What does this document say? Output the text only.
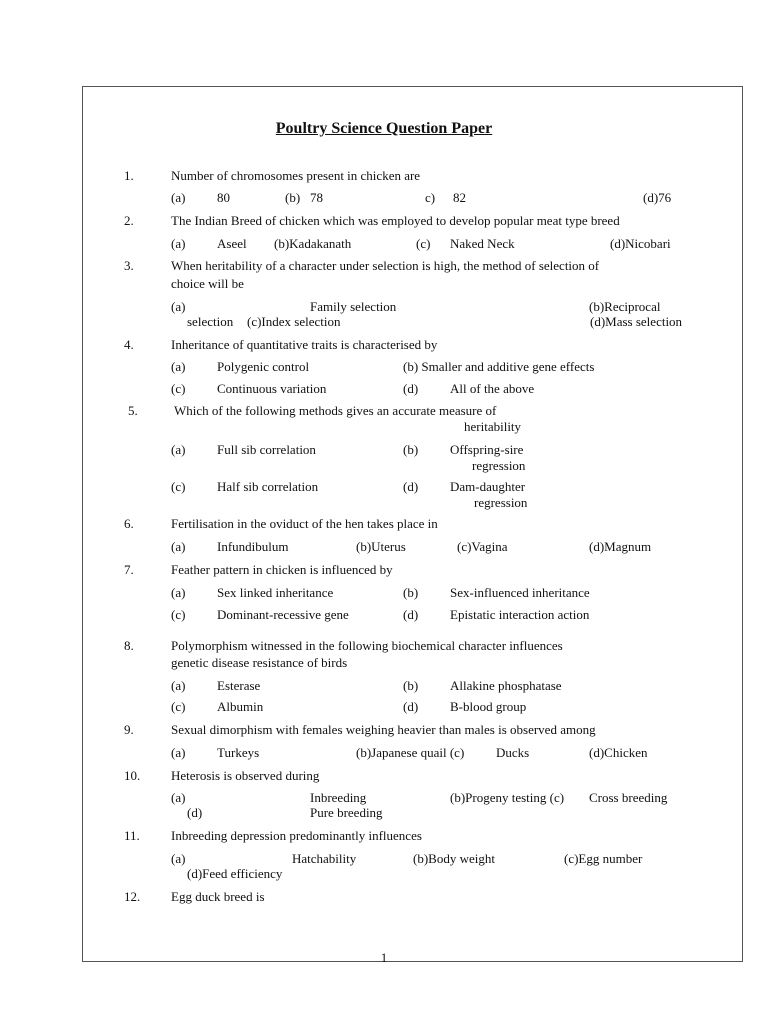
Poultry Science Question Paper
1.	Number of chromosomes present in chicken are
(a) 80	(b) 78	c) 82	(d)76
2.	The Indian Breed of chicken which was employed to develop popular meat type breed
(a) Aseel (b)Kadakanath	(c) Naked Neck	(d)Nicobari
3.	When heritability of a character under selection is high, the method of selection of
choice will be
(a)	Family selection	(b)Reciprocal
selection (c)Index selection	(d)Mass selection
4.	Inheritance of quantitative traits is characterised by
(a) Polygenic control	(b) Smaller and additive gene effects
(c) Continuous variation	(d) All of the above
5.	Which of the following methods gives an accurate measure of
heritability
(a) Full sib correlation	(b) Offspring-sire
regression
(c) Half sib correlation	(d) Dam-daughter
regression
6.	Fertilisation in the oviduct of the hen takes place in
(a) Infundibulum	(b)Uterus	(c)Vagina	(d)Magnum
7.	Feather pattern in chicken is influenced by
(a) Sex linked inheritance	(b) Sex-influenced inheritance
(c) Dominant-recessive gene	(d) Epistatic interaction action
8.	Polymorphism witnessed in the following biochemical character influences
genetic disease resistance of birds
(a) Esterase	(b) Allakine phosphatase
(c) Albumin	(d) B-blood group
9.	Sexual dimorphism with females weighing heavier than males is observed among
(a) Turkeys	(b)Japanese quail (c) Ducks	(d)Chicken
10. Heterosis is observed during
(a)	Inbreeding	(b)Progeny testing (c) Cross breeding
(d)	Pure breeding
11. Inbreeding depression predominantly influences
(a)	Hatchability	(b)Body weight	(c)Egg number
(d)Feed efficiency
12. Egg duck breed is
1
